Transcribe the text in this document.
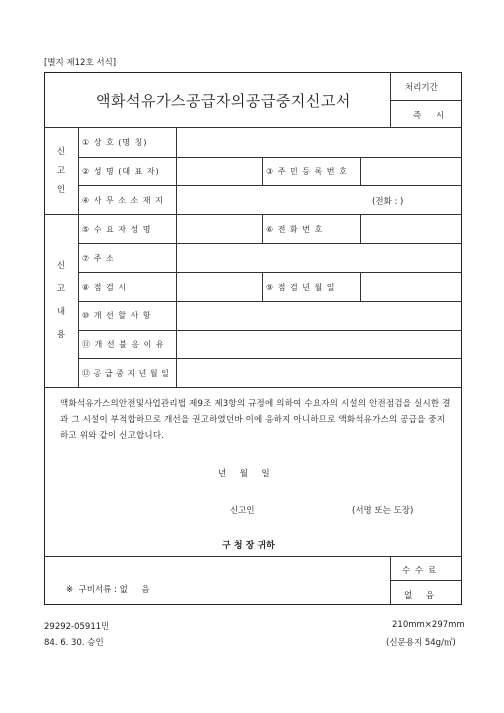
[별지 제12호 서식]
액화석유가스공급자의공급중지신고서
처리기간
즉 시
신고인
신고내용
① 상 호 (명 칭)
② 성 명 (대 표 자)	③ 주 민 등 록 번 호
④ 사 무 소 소 재 지	(전화 : )
⑤ 수 요 자 성 명	⑥ 전 화 번 호
⑦ 주 소
⑧ 점 검 시	⑨ 점 검 년 월 일
⑩ 개 선 할 사 항
⑪ 개 선 불 응 이 유
⑫ 공 급 중 지 년 월 일
액화석유가스의안전및사업관리법 제9조 제3항의 규정에 의하여 수요자의 시설의 안전점검을 실시한 결과 그 시설이 부적합하므로 개선을 권고하였던바 이에 응하지 아니하므로 액화석유가스의 공급을 중지하고 위와 같이 신고합니다.
년     월     일
신고인	(서명 또는 도장)
구 청 장 귀하
※  구비서류 : 없     음
수 수 료
없     음
29292-05911민
84. 6. 30. 승인
210mm×297mm
(신문용지 54g/㎡)
